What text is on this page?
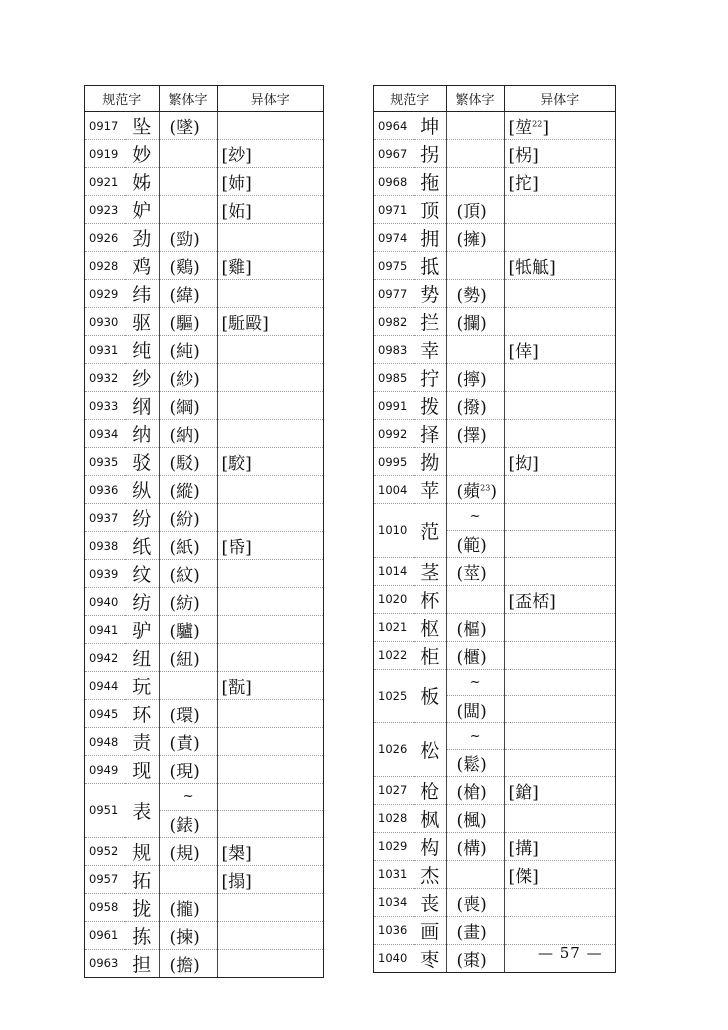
规范字		繁体字	异体字
0917	坠	(墜)	
0919	妙		[玅]
0921	姊		[姉]
0923	妒		[妬]
0926	劲	(勁)	
0928	鸡	(鷄)	[雞]
0929	纬	(緯)	
0930	驱	(驅)	[駈毆]
0931	纯	(純)	
0932	纱	(紗)	
0933	纲	(綱)	
0934	纳	(納)	
0935	驳	(駁)	[駮]
0936	纵	(縱)	
0937	纷	(紛)	
0938	纸	(紙)	[帋]
0939	纹	(紋)	
0940	纺	(紡)	
0941	驴	(驢)	
0942	纽	(紐)	
0944	玩		[翫]
0945	环	(環)	
0948	责	(責)	
0949	现	(現)	
0951	表	~	
		(錶)	
0952	规	(規)	[槼]
0957	拓		[搨]
0958	拢	(攏)	
0961	拣	(揀)	
0963	担	(擔)	
规范字		繁体字	异体字
0964	坤		[堃$^{22}$]
0967	拐		[柺]
0968	拖		[拕]
0971	顶	(頂)	
0974	拥	(擁)	
0975	抵		[牴觝]
0977	势	(勢)	
0982	拦	(攔)	
0983	幸		[倖]
0985	拧	(擰)	
0991	拨	(撥)	
0992	择	(擇)	
0995	拗		[抝]
1004	苹	(蘋$^{23}$)	
1010	范	~	
		(範)	
1014	茎	(莖)	
1020	杯		[盃桮]
1021	枢	(樞)	
1022	柜	(櫃)	
1025	板	~	
		(闆)	
1026	松	~	
		(鬆)	
1027	枪	(槍)	[鎗]
1028	枫	(楓)	
1029	构	(構)	[搆]
1031	杰		[傑]
1034	丧	(喪)	
1036	画	(畫)	
1040	枣	(棗)		— 57 —
